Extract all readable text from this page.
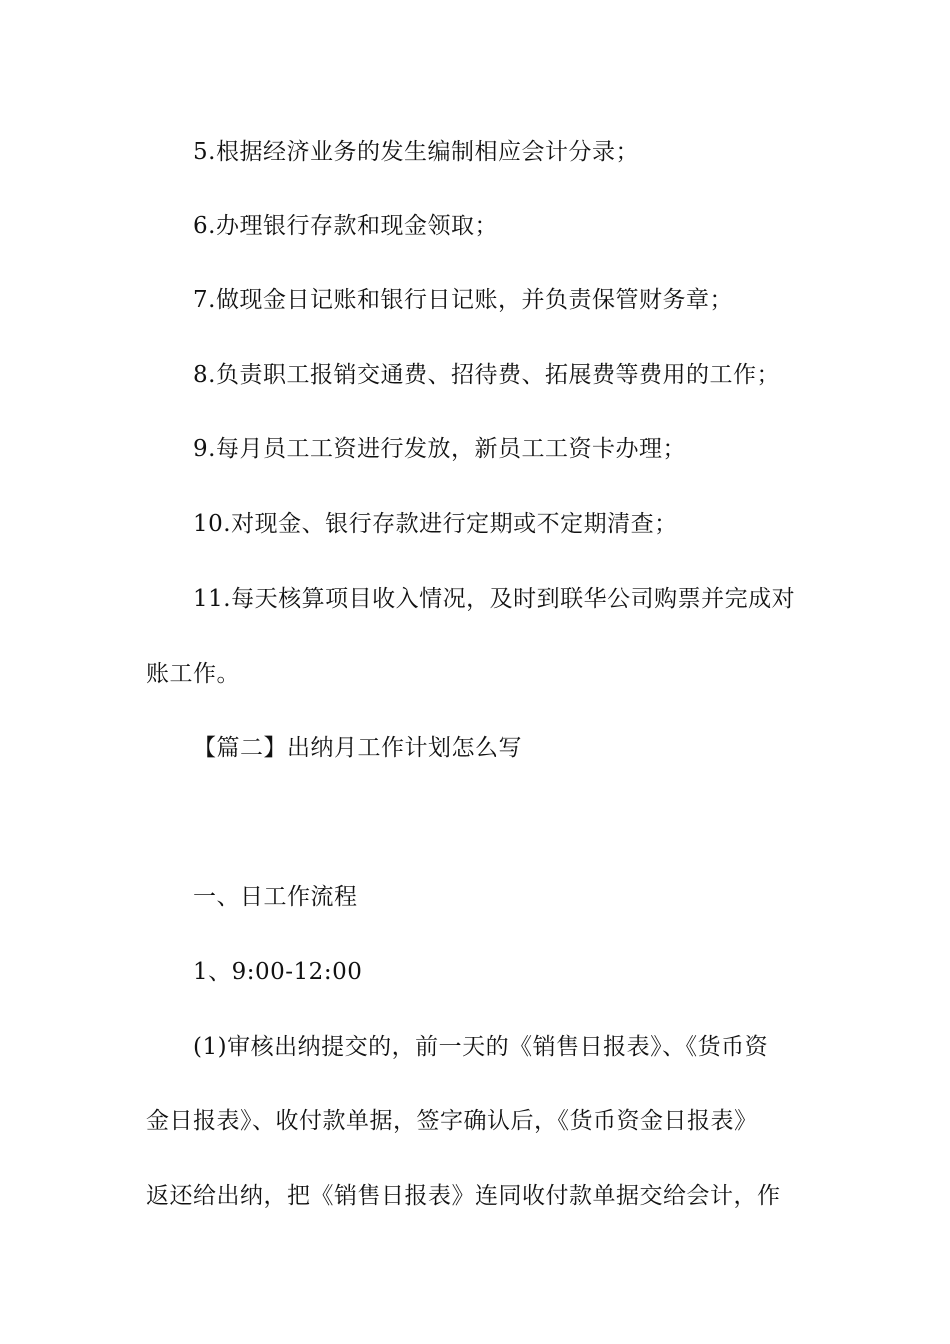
5.根据经济业务的发生编制相应会计分录；
6.办理银行存款和现金领取；
7.做现金日记账和银行日记账，并负责保管财务章；
8.负责职工报销交通费、招待费、拓展费等费用的工作；
9.每月员工工资进行发放，新员工工资卡办理；
10.对现金、银行存款进行定期或不定期清查；
11.每天核算项目收入情况，及时到联华公司购票并完成对
账工作。
【篇二】出纳月工作计划怎么写
一、日工作流程
1、9:00-12:00
(1)审核出纳提交的，前一天的《销售日报表》、《货币资
金日报表》、收付款单据，签字确认后，《货币资金日报表》
返还给出纳，把《销售日报表》连同收付款单据交给会计，作
